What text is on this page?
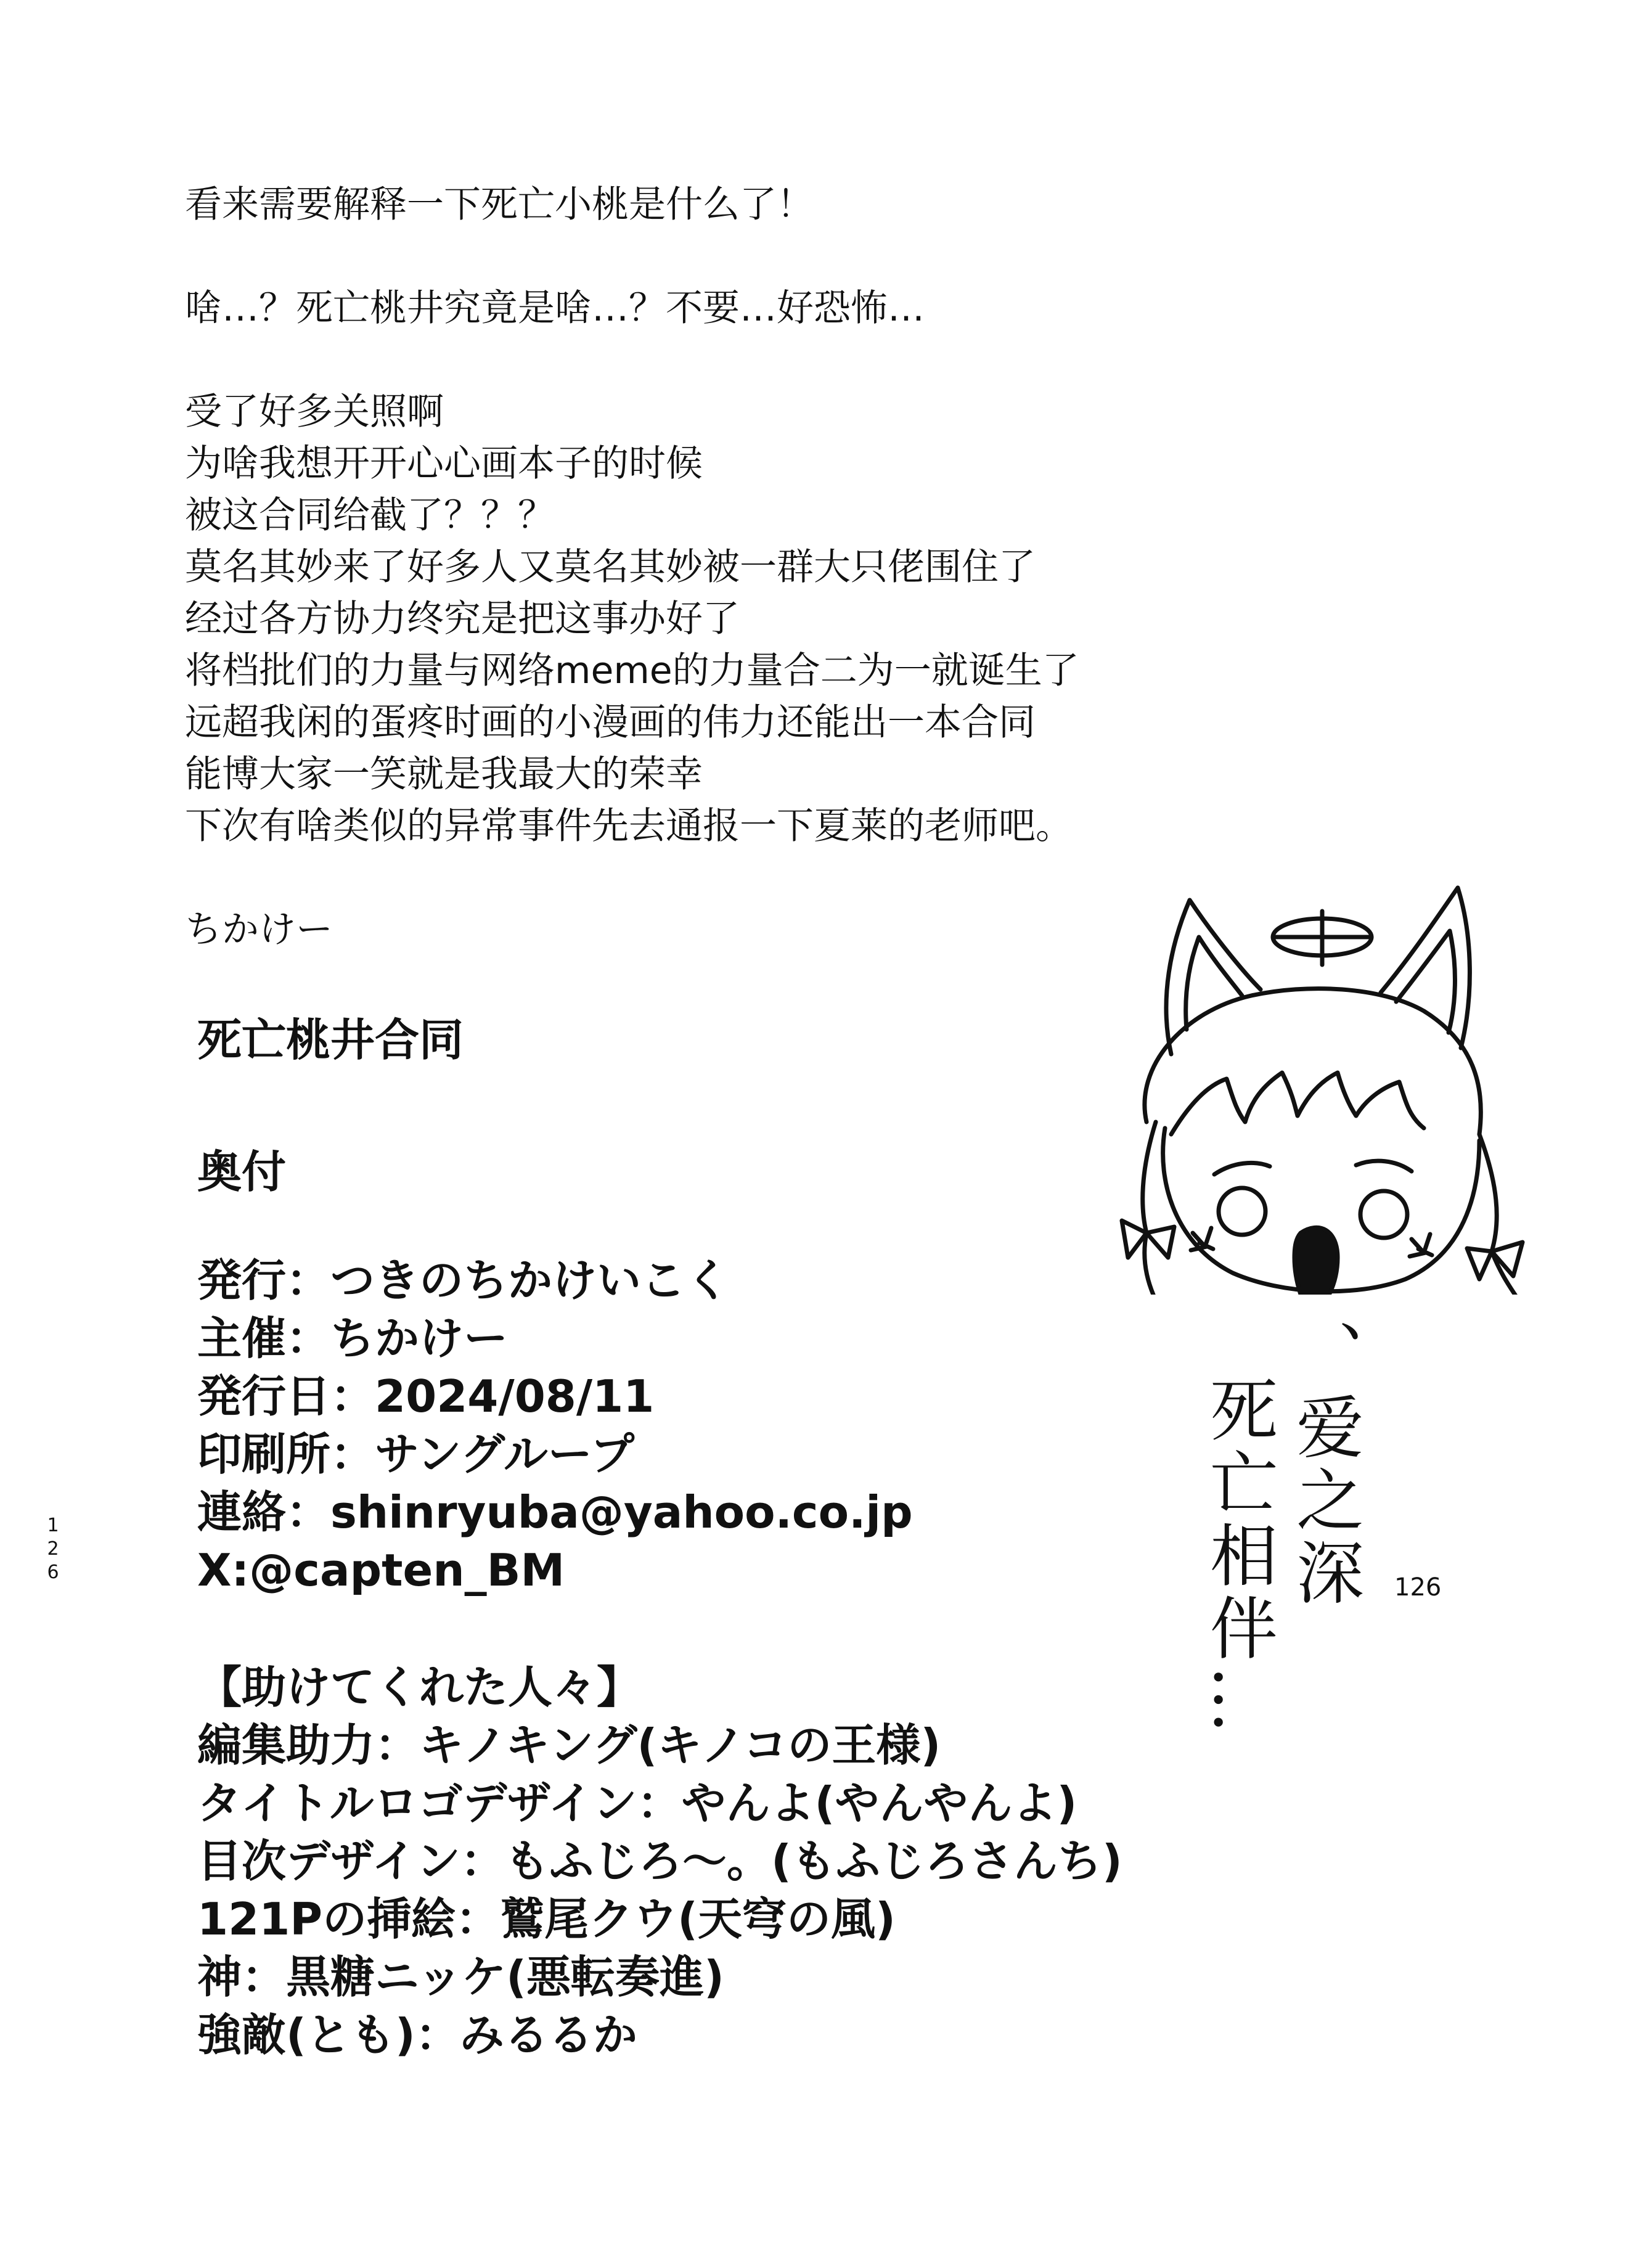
看来需要解释一下死亡小桃是什么了！
啥…？死亡桃井究竟是啥…？不要…好恐怖…
受了好多关照啊
为啥我想开开心心画本子的时候
被这合同给截了？？？
莫名其妙来了好多人又莫名其妙被一群大只佬围住了
经过各方协力终究是把这事办好了
将档批们的力量与网络meme的力量合二为一就诞生了
远超我闲的蛋疼时画的小漫画的伟力还能出一本合同
能博大家一笑就是我最大的荣幸
下次有啥类似的异常事件先去通报一下夏莱的老师吧。
ちかけー
死亡桃井合同
奥付
発行：つきのちかけいこく
主催：ちかけー
発行日：2024/08/11
印刷所：サングループ
連絡：shinryuba@yahoo.co.jp
X:@capten_BM
【助けてくれた人々】
編集助力：キノキング(キノコの王様)
タイトルロゴデザイン：やんよ(やんやんよ)
目次デザイン：もふじろ〜。(もふじろさんち)
121Pの挿絵：鷲尾クウ(天穹の風)
神：黒糖ニッケ(悪転奏進)
強敵(とも)：みるるか
、爱之深
死亡相伴…
1
2
6
126
